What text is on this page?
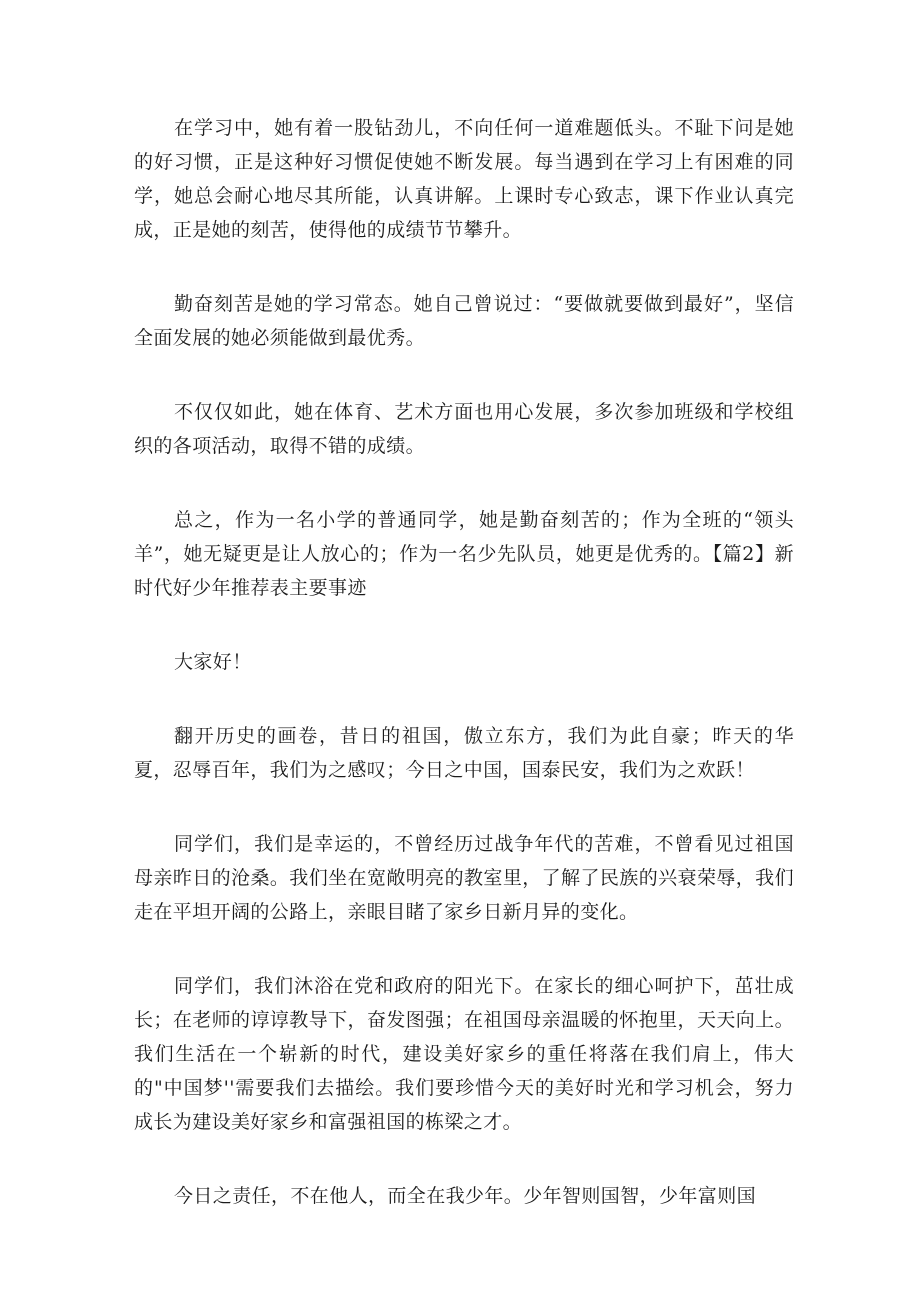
在学习中，她有着一股钻劲儿，不向任何一道难题低头。不耻下问是她的好习惯，正是这种好习惯促使她不断发展。每当遇到在学习上有困难的同学，她总会耐心地尽其所能，认真讲解。上课时专心致志，课下作业认真完成，正是她的刻苦，使得他的成绩节节攀升。

勤奋刻苦是她的学习常态。她自己曾说过：“要做就要做到最好”，坚信全面发展的她必须能做到最优秀。

不仅仅如此，她在体育、艺术方面也用心发展，多次参加班级和学校组织的各项活动，取得不错的成绩。

总之，作为一名小学的普通同学，她是勤奋刻苦的；作为全班的“领头羊”，她无疑更是让人放心的；作为一名少先队员，她更是优秀的。【篇2】新时代好少年推荐表主要事迹

大家好！

翻开历史的画卷，昔日的祖国，傲立东方，我们为此自豪；昨天的华夏，忍辱百年，我们为之感叹；今日之中国，国泰民安，我们为之欢跃！

同学们，我们是幸运的，不曾经历过战争年代的苦难，不曾看见过祖国母亲昨日的沧桑。我们坐在宽敞明亮的教室里，了解了民族的兴衰荣辱，我们走在平坦开阔的公路上，亲眼目睹了家乡日新月异的变化。

同学们，我们沐浴在党和政府的阳光下。在家长的细心呵护下，茁壮成长；在老师的谆谆教导下，奋发图强；在祖国母亲温暖的怀抱里，天天向上。我们生活在一个崭新的时代，建设美好家乡的重任将落在我们肩上，伟大的"中国梦''需要我们去描绘。我们要珍惜今天的美好时光和学习机会，努力成长为建设美好家乡和富强祖国的栋梁之才。

今日之责任，不在他人，而全在我少年。少年智则国智，少年富则国
